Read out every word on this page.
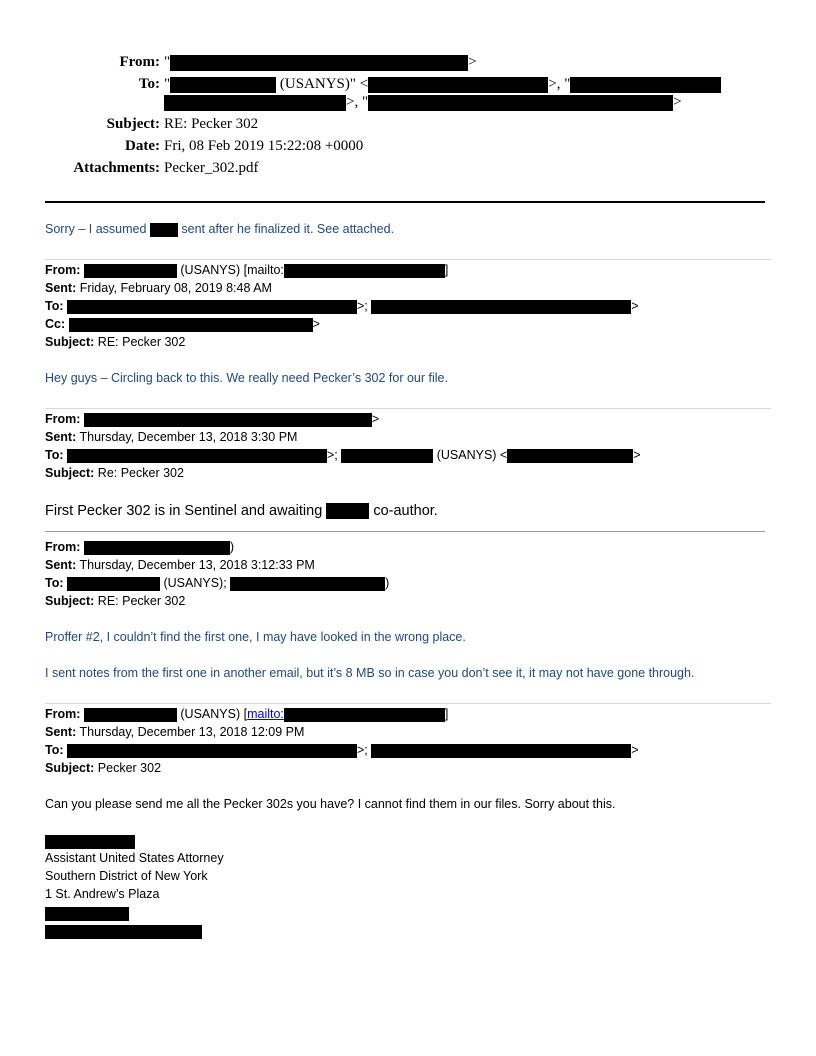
From: "	>
To: "	(USANYS)" <	>, "
>, "	>
Subject: RE: Pecker 302
Date: Fri, 08 Feb 2019 15:22:08 +0000
Attachments: Pecker_302.pdf
Sorry – I assumed	sent after he finalized it. See attached.
From:	(USANYS) [mailto:	]
Sent: Friday, February 08, 2019 8:48 AM
To:	>;	>
Cc:	>
Subject: RE: Pecker 302
Hey guys – Circling back to this. We really need Pecker’s 302 for our file.
From:	>
Sent: Thursday, December 13, 2018 3:30 PM
To:	>;	(USANYS) <	>
Subject: Re: Pecker 302
First Pecker 302 is in Sentinel and awaiting	co-author.
From:	)
Sent: Thursday, December 13, 2018 3:12:33 PM
To:	(USANYS);	)
Subject: RE: Pecker 302
Proffer #2, I couldn’t find the first one, I may have looked in the wrong place.
I sent notes from the first one in another email, but it’s 8 MB so in case you don’t see it, it may not have gone through.
From:	(USANYS) [mailto:	]
Sent: Thursday, December 13, 2018 12:09 PM
To:	>;	>
Subject: Pecker 302
Can you please send me all the Pecker 302s you have? I cannot find them in our files. Sorry about this.
Assistant United States Attorney
Southern District of New York
1 St. Andrew’s Plaza
